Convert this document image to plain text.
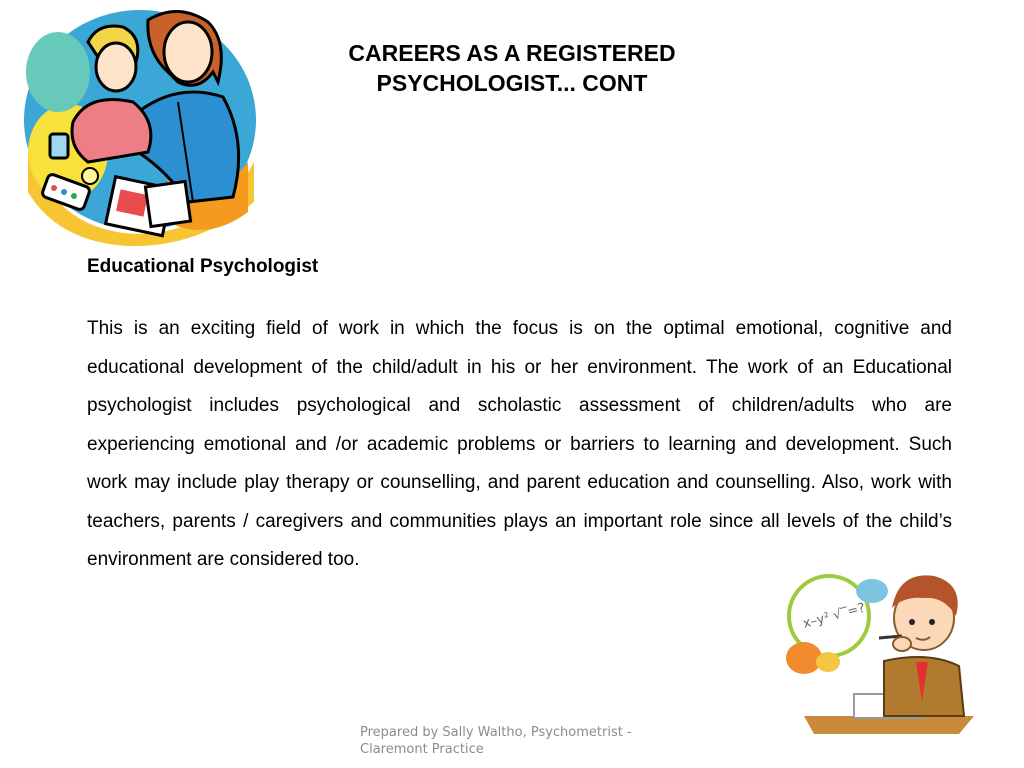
CAREERS AS A REGISTERED
PSYCHOLOGIST... CONT
Educational Psychologist

This is an exciting field of work in which the focus is on the optimal emotional, cognitive and educational development of the child/adult in his or her environment. The work of an Educational psychologist includes psychological and scholastic assessment of children/adults who are experiencing emotional and /or academic problems or barriers to learning and development. Such work may include play therapy or counselling, and parent education and counselling. Also, work with teachers, parents / caregivers and communities plays an important role since all levels of the child’s environment are considered too.

x–y² √‾=?
Prepared by Sally Waltho, Psychometrist - Claremont Practice
